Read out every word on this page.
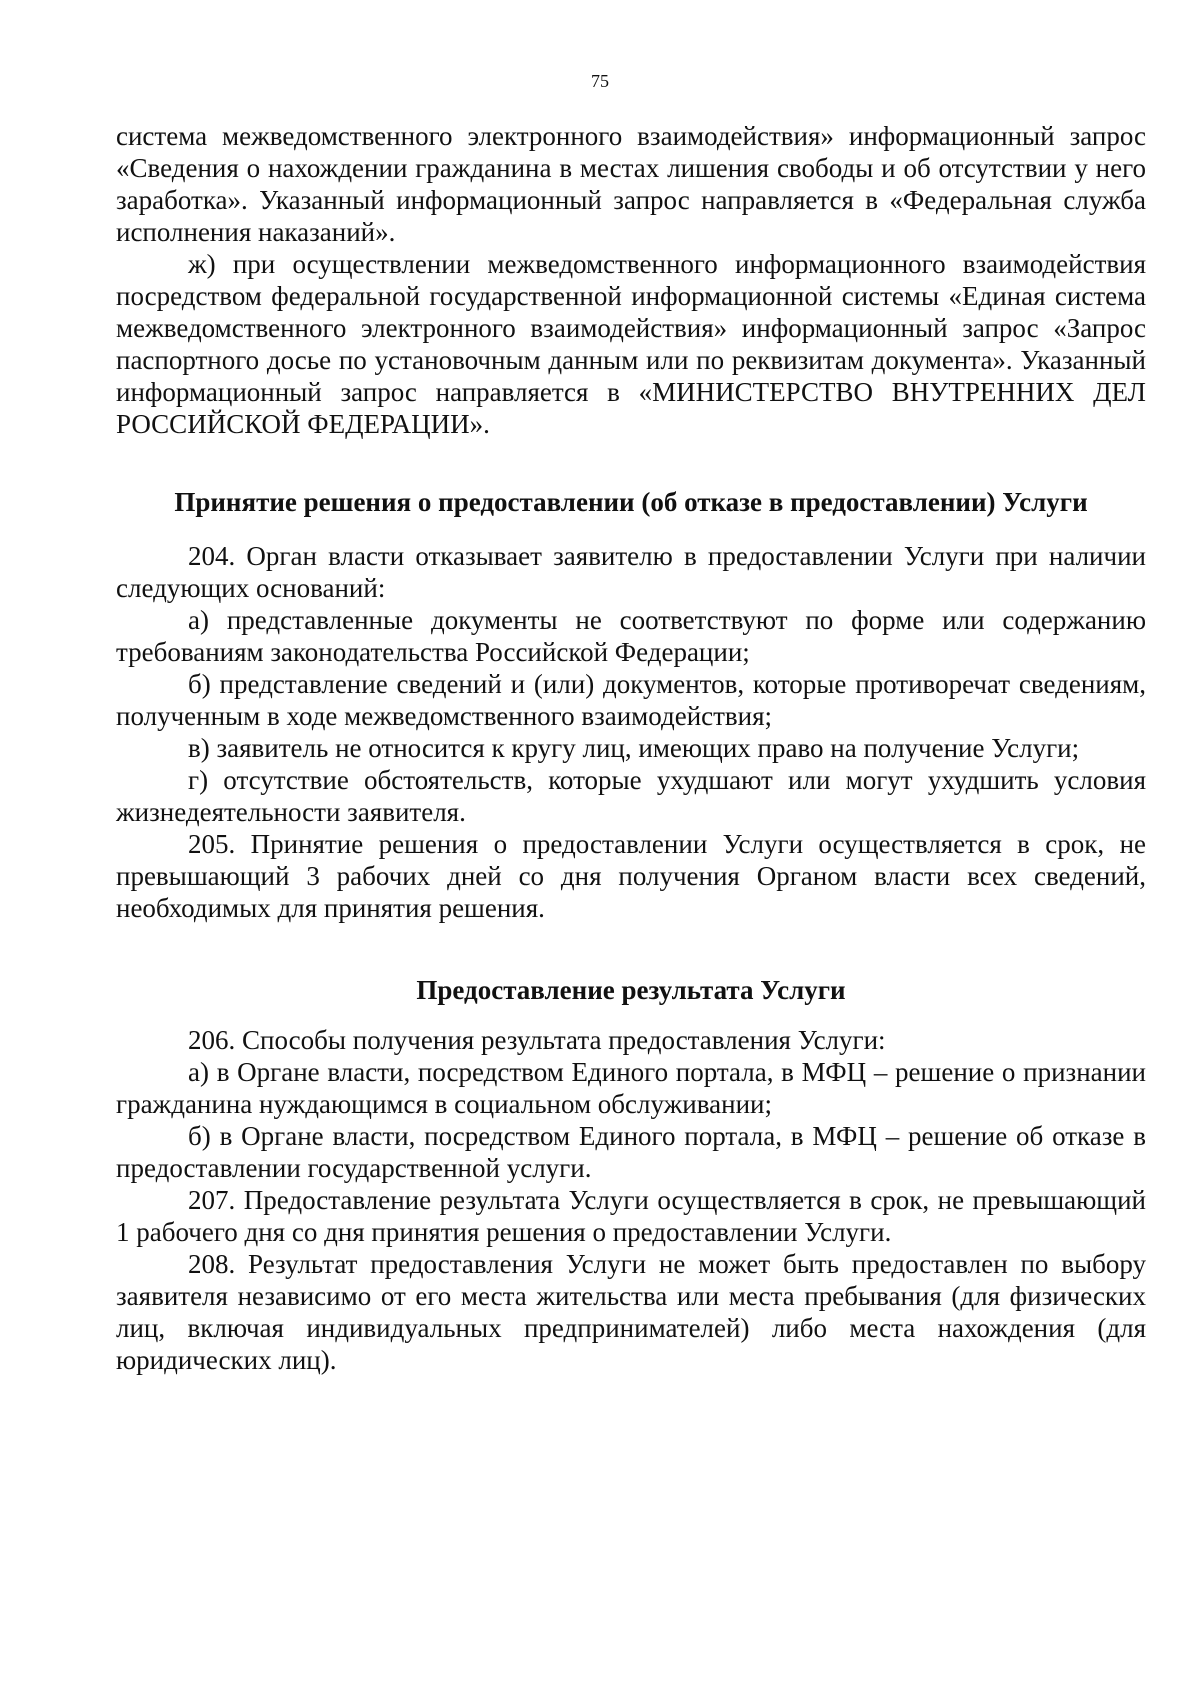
75

система межведомственного электронного взаимодействия» информационный запрос «Сведения о нахождении гражданина в местах лишения свободы и об отсутствии у него заработка». Указанный информационный запрос направляется в «Федеральная служба исполнения наказаний».

ж) при осуществлении межведомственного информационного взаимодействия посредством федеральной государственной информационной системы «Единая система межведомственного электронного взаимодействия» информационный запрос «Запрос паспортного досье по установочным данным или по реквизитам документа». Указанный информационный запрос направляется в «МИНИСТЕРСТВО ВНУТРЕННИХ ДЕЛ РОССИЙСКОЙ ФЕДЕРАЦИИ».

Принятие решения о предоставлении (об отказе в предоставлении) Услуги

204. Орган власти отказывает заявителю в предоставлении Услуги при наличии следующих оснований:

а) представленные документы не соответствуют по форме или содержанию требованиям законодательства Российской Федерации;

б) представление сведений и (или) документов, которые противоречат сведениям, полученным в ходе межведомственного взаимодействия;

в) заявитель не относится к кругу лиц, имеющих право на получение Услуги;

г) отсутствие обстоятельств, которые ухудшают или могут ухудшить условия жизнедеятельности заявителя.

205. Принятие решения о предоставлении Услуги осуществляется в срок, не превышающий 3 рабочих дней со дня получения Органом власти всех сведений, необходимых для принятия решения.

Предоставление результата Услуги

206. Способы получения результата предоставления Услуги:

а) в Органе власти, посредством Единого портала, в МФЦ – решение о признании гражданина нуждающимся в социальном обслуживании;

б) в Органе власти, посредством Единого портала, в МФЦ – решение об отказе в предоставлении государственной услуги.

207. Предоставление результата Услуги осуществляется в срок, не превышающий 1 рабочего дня со дня принятия решения о предоставлении Услуги.

208. Результат предоставления Услуги не может быть предоставлен по выбору заявителя независимо от его места жительства или места пребывания (для физических лиц, включая индивидуальных предпринимателей) либо места нахождения (для юридических лиц).
